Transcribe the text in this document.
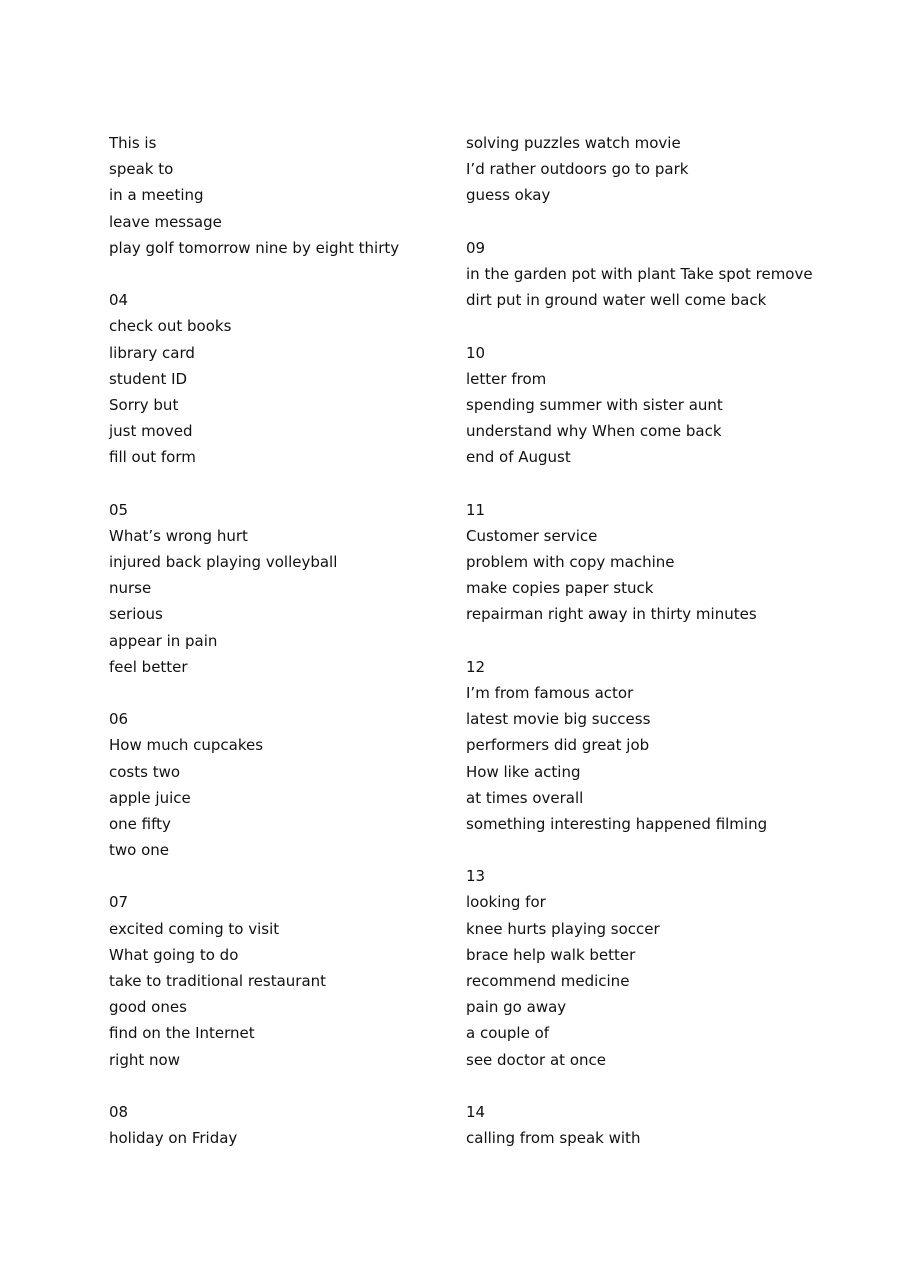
This is
speak to
in a meeting
leave message
play golf tomorrow nine by eight thirty
04
check out books
library card
student ID
Sorry but
just moved
fill out form
05
What’s wrong hurt
injured back playing volleyball
nurse
serious
appear in pain
feel better
06
How much cupcakes
costs two
apple juice
one fifty
two one
07
excited coming to visit
What going to do
take to traditional restaurant
good ones
find on the Internet
right now
08
holiday on Friday
solving puzzles watch movie
I’d rather outdoors go to park
guess okay
09
in the garden pot with plant Take spot remove
dirt put in ground water well come back
10
letter from
spending summer with sister aunt
understand why When come back
end of August
11
Customer service
problem with copy machine
make copies paper stuck
repairman right away in thirty minutes
12
I’m from famous actor
latest movie big success
performers did great job
How like acting
at times overall
something interesting happened filming
13
looking for
knee hurts playing soccer
brace help walk better
recommend medicine
pain go away
a couple of
see doctor at once
14
calling from speak with
